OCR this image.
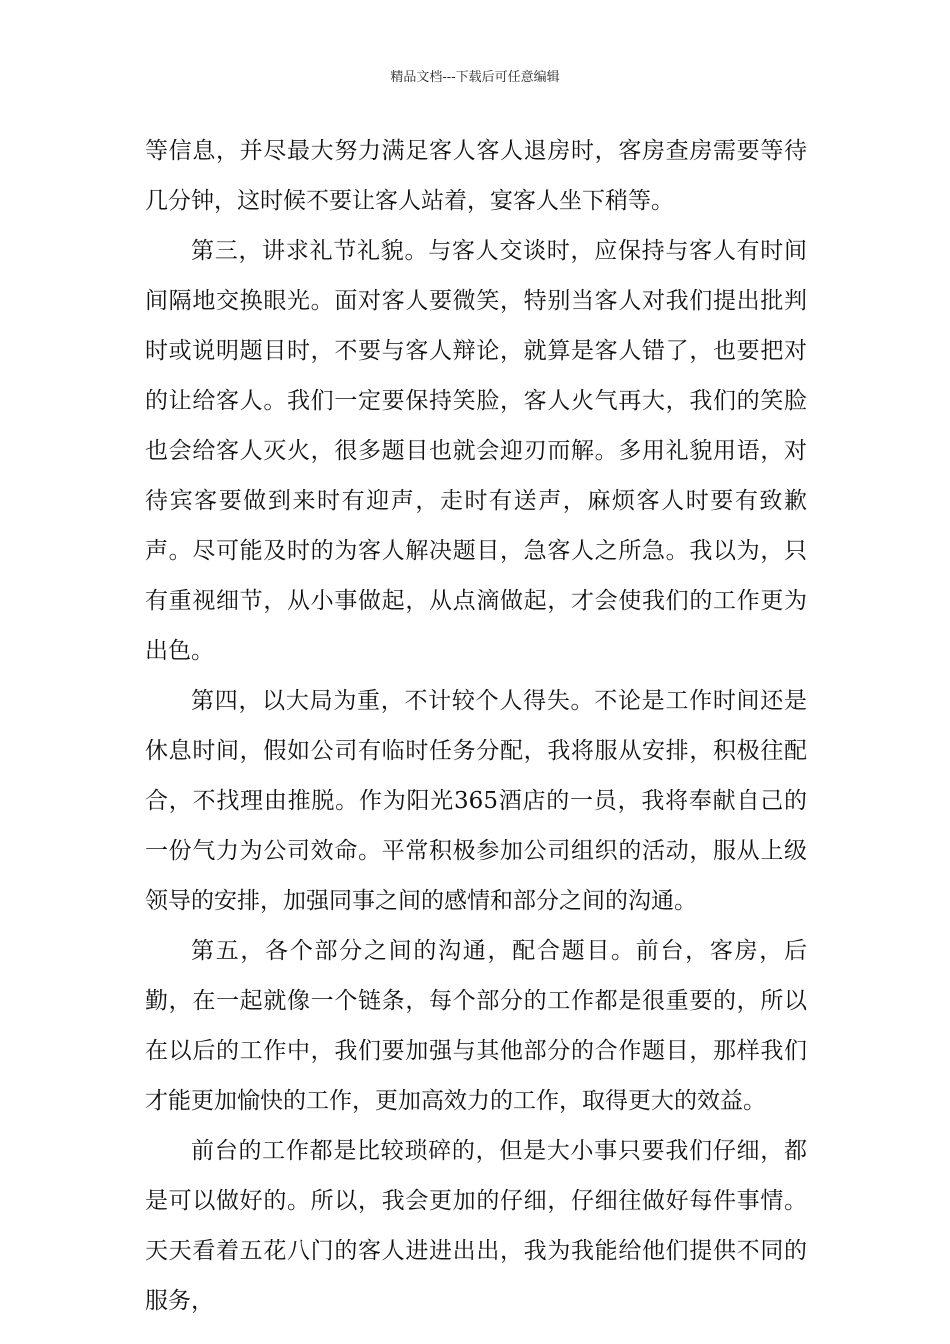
精品文档---下载后可任意编辑

等信息，并尽最大努力满足客人客人退房时，客房查房需要等待几分钟，这时候不要让客人站着，宴客人坐下稍等。

第三，讲求礼节礼貌。与客人交谈时，应保持与客人有时间间隔地交换眼光。面对客人要微笑，特别当客人对我们提出批判时或说明题目时，不要与客人辩论，就算是客人错了，也要把对的让给客人。我们一定要保持笑脸，客人火气再大，我们的笑脸也会给客人灭火，很多题目也就会迎刃而解。多用礼貌用语，对待宾客要做到来时有迎声，走时有送声，麻烦客人时要有致歉声。尽可能及时的为客人解决题目，急客人之所急。我以为，只有重视细节，从小事做起，从点滴做起，才会使我们的工作更为出色。

第四，以大局为重，不计较个人得失。不论是工作时间还是休息时间，假如公司有临时任务分配，我将服从安排，积极往配合，不找理由推脱。作为阳光365酒店的一员，我将奉献自己的一份气力为公司效命。平常积极参加公司组织的活动，服从上级领导的安排，加强同事之间的感情和部分之间的沟通。

第五，各个部分之间的沟通，配合题目。前台，客房，后勤，在一起就像一个链条，每个部分的工作都是很重要的，所以在以后的工作中，我们要加强与其他部分的合作题目，那样我们才能更加愉快的工作，更加高效力的工作，取得更大的效益。

前台的工作都是比较琐碎的，但是大小事只要我们仔细，都是可以做好的。所以，我会更加的仔细，仔细往做好每件事情。天天看着五花八门的客人进进出出，我为我能给他们提供不同的服务，
